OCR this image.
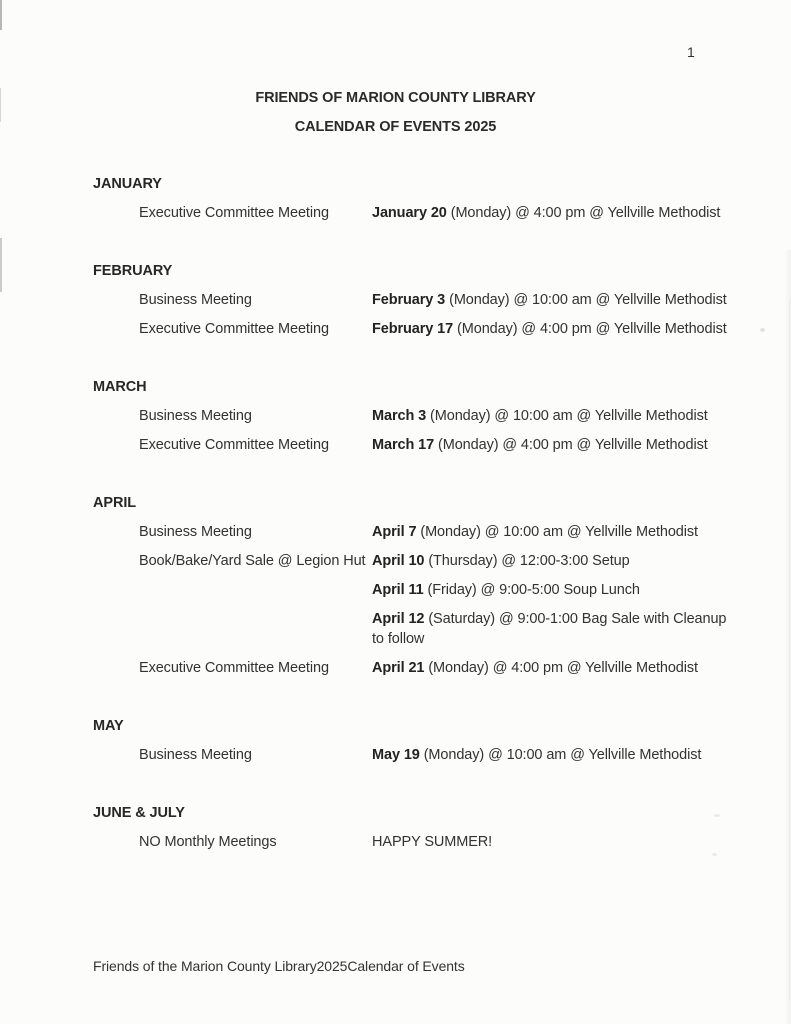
1
FRIENDS OF MARION COUNTY LIBRARY
CALENDAR OF EVENTS 2025
JANUARY
Executive Committee Meeting	January 20 (Monday) @ 4:00 pm @ Yellville Methodist
FEBRUARY
Business Meeting	February 3 (Monday) @ 10:00 am @ Yellville Methodist
Executive Committee Meeting	February 17 (Monday) @ 4:00 pm @ Yellville Methodist
MARCH
Business Meeting	March 3 (Monday) @ 10:00 am @ Yellville Methodist
Executive Committee Meeting	March 17 (Monday) @ 4:00 pm @ Yellville Methodist
APRIL
Business Meeting	April 7 (Monday) @ 10:00 am @ Yellville Methodist
Book/Bake/Yard Sale @ Legion Hut April 10 (Thursday) @ 12:00-3:00 Setup
April 11 (Friday) @ 9:00-5:00 Soup Lunch
April 12 (Saturday) @ 9:00-1:00 Bag Sale with Cleanup
to follow
Executive Committee Meeting	April 21 (Monday) @ 4:00 pm @ Yellville Methodist
MAY
Business Meeting	May 19 (Monday) @ 10:00 am @ Yellville Methodist
JUNE & JULY
NO Monthly Meetings	HAPPY SUMMER!
Friends of the Marion County Library2025Calendar of Events
